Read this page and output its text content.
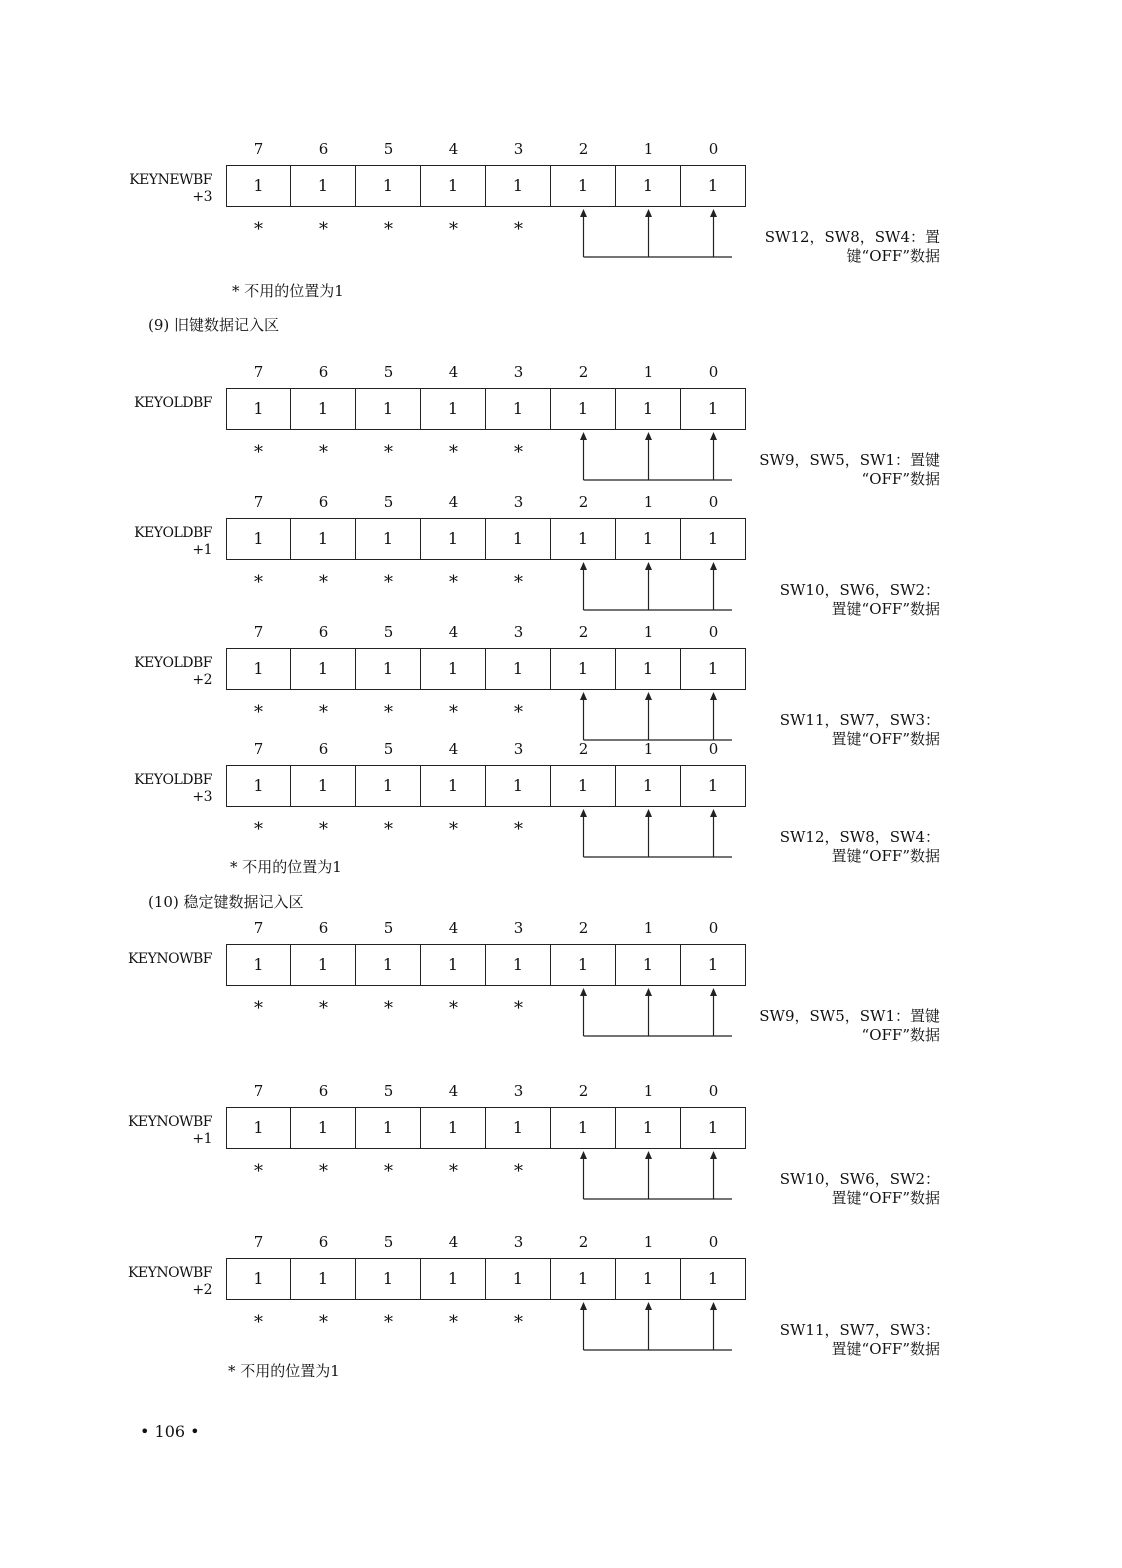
7	6	5	4	3	2	1	0
KEYNEWBF
+3
1	1	1	1	1	1	1	1
*	*	*	*	*	SW12，SW8，SW4：置
键“OFF”数据
* 不用的位置为1
(9) 旧键数据记入区
7	6	5	4	3	2	1	0
KEYOLDBF	1	1	1	1	1	1	1	1
*	*	*	*	*	SW9，SW5，SW1：置键
“OFF”数据
7	6	5	4	3	2	1	0
KEYOLDBF
+1
1	1	1	1	1	1	1	1
*	*	*	*	*	SW10，SW6，SW2：
置键“OFF”数据
7	6	5	4	3	2	1	0
KEYOLDBF
+2
1	1	1	1	1	1	1	1
*	*	*	*	*	SW11，SW7，SW3：
置键“OFF”数据
7	6	5	4	3	2	1	0
KEYOLDBF
+3
1	1	1	1	1	1	1	1
*	*	*	*	*	SW12，SW8，SW4：
置键“OFF”数据
* 不用的位置为1
(10) 稳定键数据记入区
7	6	5	4	3	2	1	0
KEYNOWBF	1	1	1	1	1	1	1	1
*	*	*	*	*	SW9，SW5，SW1：置键
“OFF”数据
7	6	5	4	3	2	1	0
KEYNOWBF
+1
1	1	1	1	1	1	1	1
*	*	*	*	*	SW10，SW6，SW2：
置键“OFF”数据
7	6	5	4	3	2	1	0
KEYNOWBF
+2
1	1	1	1	1	1	1	1
*	*	*	*	*	SW11，SW7，SW3：
置键“OFF”数据
* 不用的位置为1
• 106 •
